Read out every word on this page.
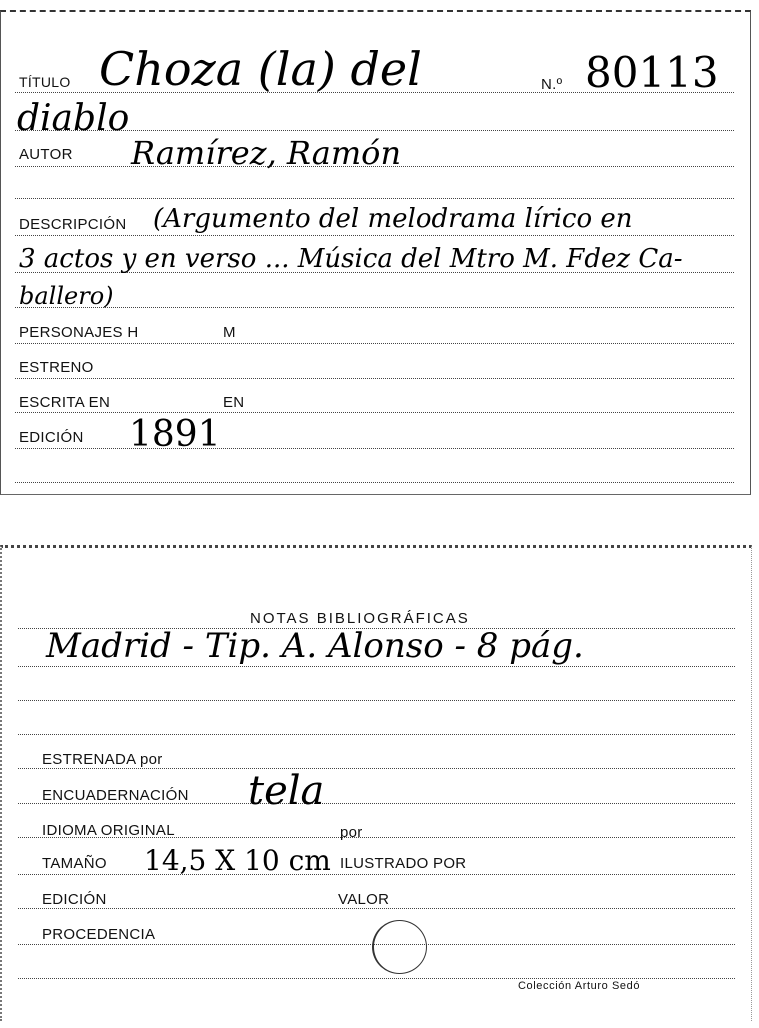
TÍTULO Choza (la) del	N.º 80113
diablo
AUTOR Ramírez, Ramón
DESCRIPCIÓN (Argumento del melodrama lírico en
3 actos y en verso ... Música del Mtro M. Fdez Ca-
ballero)
PERSONAJES H	M
ESTRENO
ESCRITA EN	EN
EDICIÓN 1891
NOTAS BIBLIOGRÁFICAS
Madrid - Tip. A. Alonso - 8 pág.
ESTRENADA por
ENCUADERNACIÓN tela
IDIOMA ORIGINAL	por
TAMAÑO 14,5 X 10 cm ILUSTRADO POR
EDICIÓN	VALOR
PROCEDENCIA
Colección Arturo Sedó
